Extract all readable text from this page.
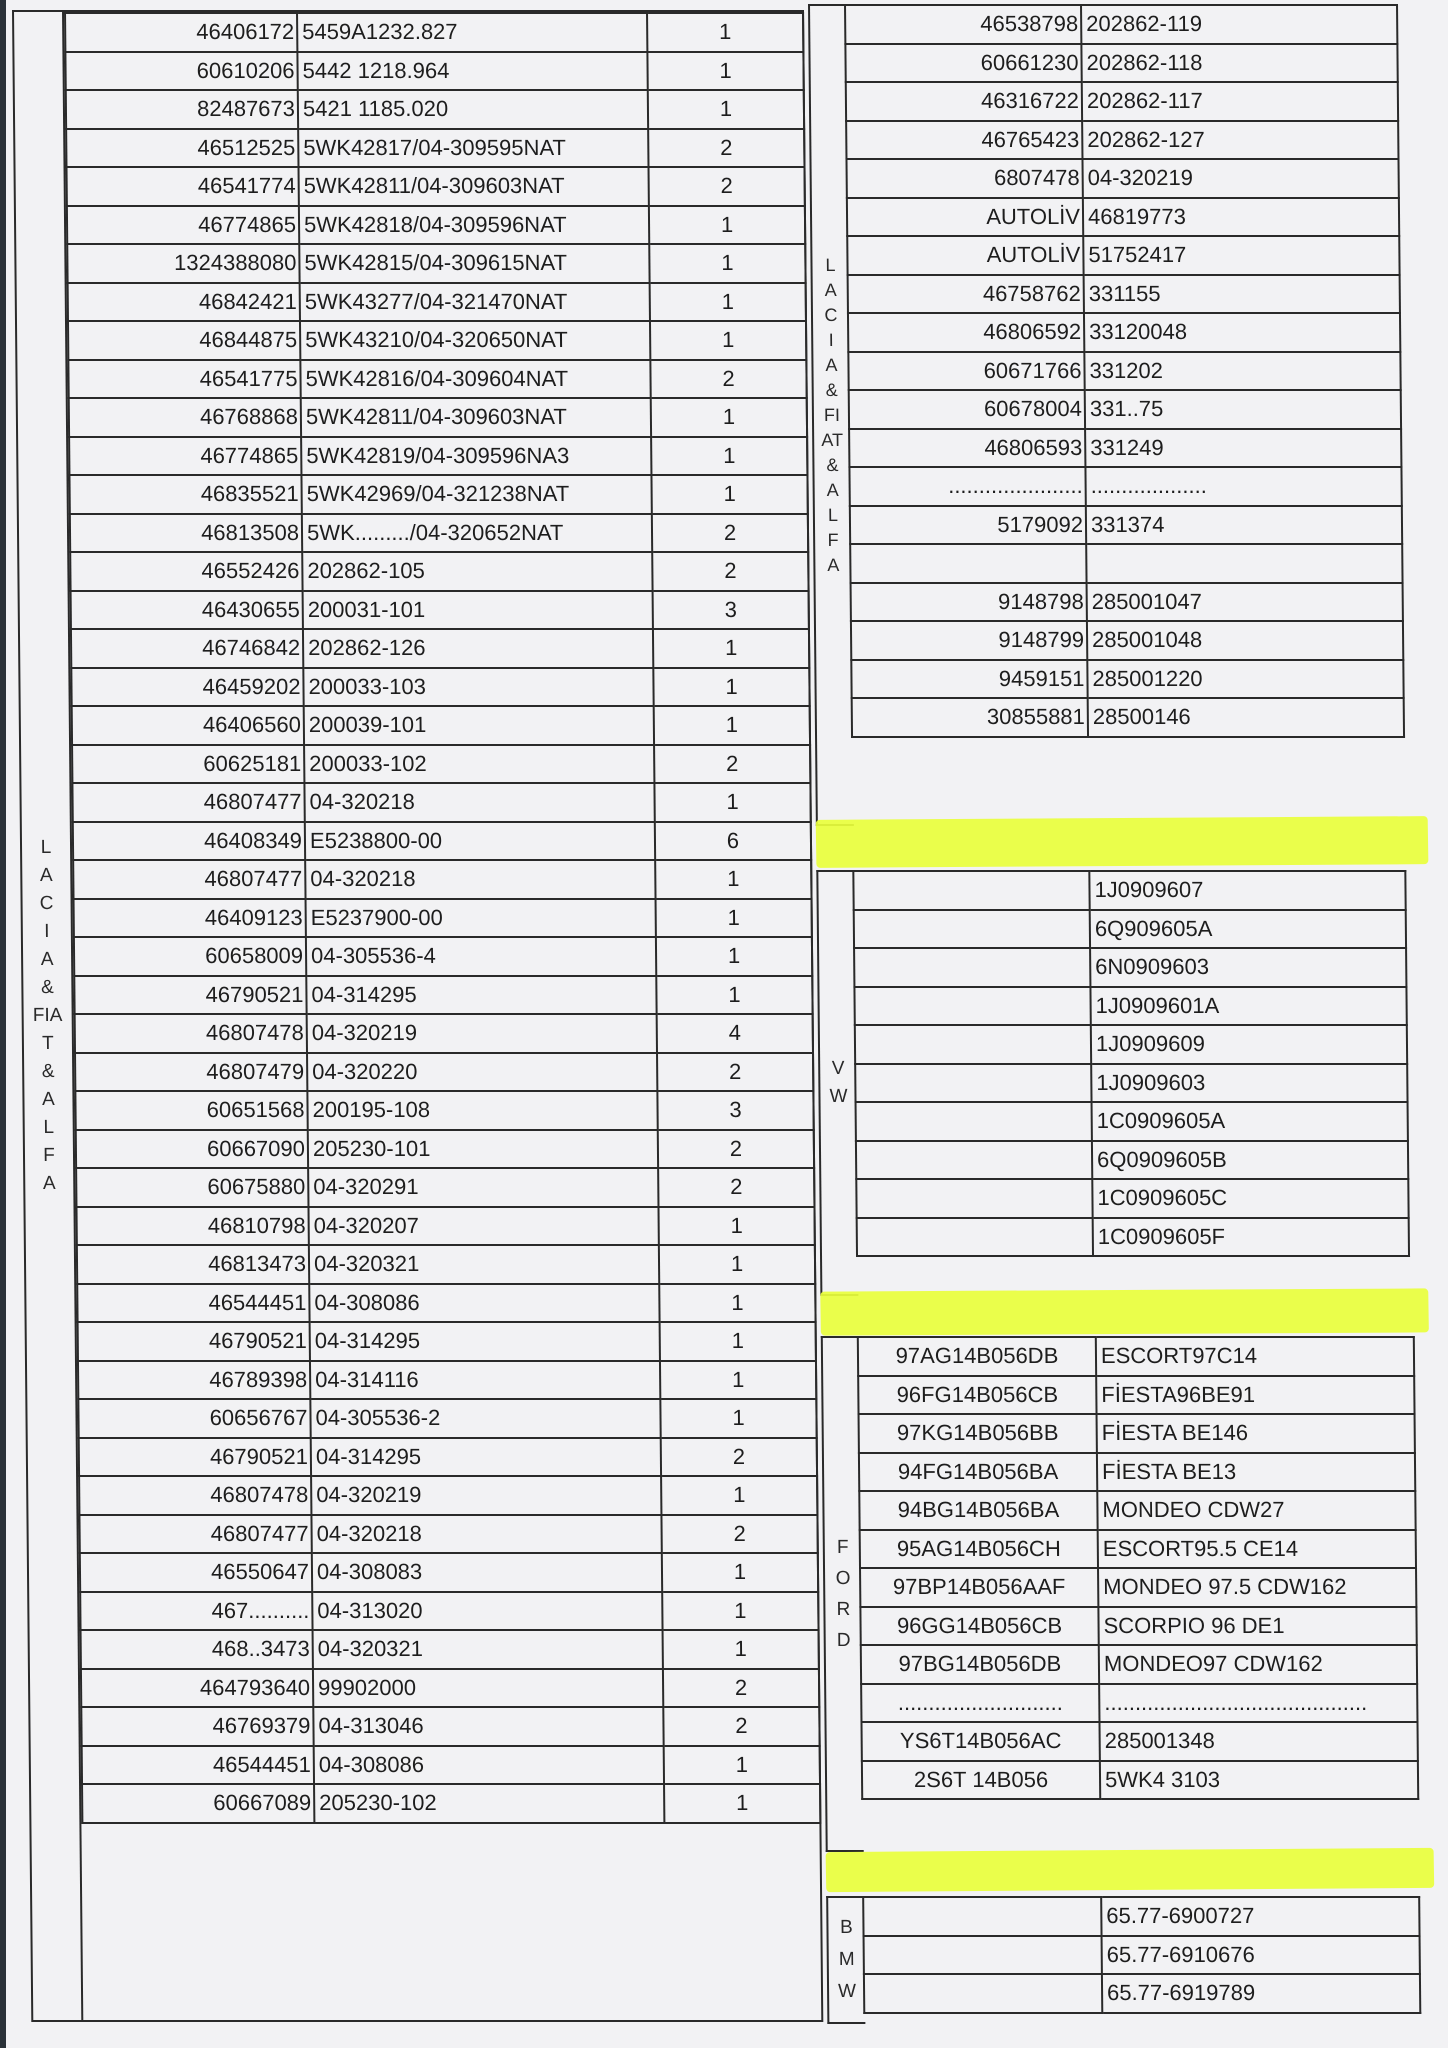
L
A
C
I
A
&
FIA
T
&
A
L
F
A
46406172	5459A1232.827	1
60610206	5442 1218.964	1
82487673	5421 1185.020	1
46512525	5WK42817/04-309595NAT	2
46541774	5WK42811/04-309603NAT	2
46774865	5WK42818/04-309596NAT	1
1324388080	5WK42815/04-309615NAT	1
46842421	5WK43277/04-321470NAT	1
46844875	5WK43210/04-320650NAT	1
46541775	5WK42816/04-309604NAT	2
46768868	5WK42811/04-309603NAT	1
46774865	5WK42819/04-309596NA3	1
46835521	5WK42969/04-321238NAT	1
46813508	5WK........./04-320652NAT	2
46552426	202862-105	2
46430655	200031-101	3
46746842	202862-126	1
46459202	200033-103	1
46406560	200039-101	1
60625181	200033-102	2
46807477	04-320218	1
46408349	E5238800-00	6
46807477	04-320218	1
46409123	E5237900-00	1
60658009	04-305536-4	1
46790521	04-314295	1
46807478	04-320219	4
46807479	04-320220	2
60651568	200195-108	3
60667090	205230-101	2
60675880	04-320291	2
46810798	04-320207	1
46813473	04-320321	1
46544451	04-308086	1
46790521	04-314295	1
46789398	04-314116	1
60656767	04-305536-2	1
46790521	04-314295	2
46807478	04-320219	1
46807477	04-320218	2
46550647	04-308083	1
467..........	04-313020	1
468..3473	04-320321	1
464793640	99902000	2
46769379	04-313046	2
46544451	04-308086	1
60667089	205230-102	1
L
A
C
I
A
&
FI
AT
&
A
L
F
A
46538798	202862-119
60661230	202862-118
46316722	202862-117
46765423	202862-127
6807478	04-320219
AUTOLİV	46819773
AUTOLİV	51752417
46758762	331155
46806592	33120048
60671766	331202
60678004	331..75
46806593	331249
......................	...................
5179092	331374

9148798	285001047
9148799	285001048
9459151	285001220
30855881	28500146
V
W
	1J0909607
	6Q909605A
	6N0909603
	1J0909601A
	1J0909609
	1J0909603
	1C0909605A
	6Q0909605B
	1C0909605C
	1C0909605F
F
O
R
D
97AG14B056DB	ESCORT97C14
96FG14B056CB	FİESTA96BE91
97KG14B056BB	FİESTA BE146
94FG14B056BA	FİESTA BE13
94BG14B056BA	MONDEO CDW27
95AG14B056CH	ESCORT95.5 CE14
97BP14B056AAF	MONDEO 97.5 CDW162
96GG14B056CB	SCORPIO 96 DE1
97BG14B056DB	MONDEO97 CDW162
...........................	...........................................
YS6T14B056AC	285001348
2S6T 14B056	5WK4 3103
B
M
W
	65.77-6900727
	65.77-6910676
	65.77-6919789
